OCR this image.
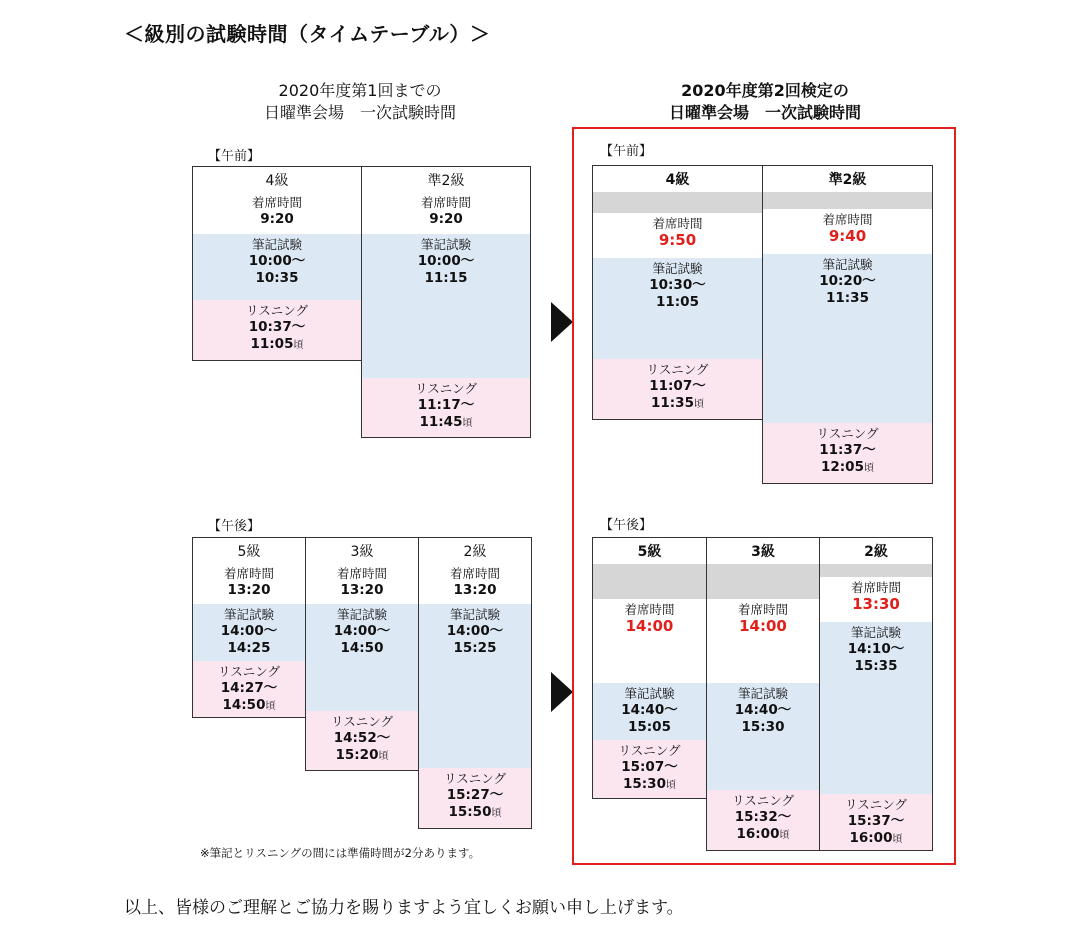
＜級別の試験時間（タイムテーブル）＞
2020年度第1回までの
日曜準会場　一次試験時間
【午前】
4級
着席時間
9:20
筆記試験
10:00〜
10:35
リスニング
10:37〜
11:05頃
準2級
着席時間
9:20
筆記試験
10:00〜
11:15
リスニング
11:17〜
11:45頃
【午後】
5級
着席時間
13:20
筆記試験
14:00〜
14:25
リスニング
14:27〜
14:50頃
3級
着席時間
13:20
筆記試験
14:00〜
14:50
リスニング
14:52〜
15:20頃
2級
着席時間
13:20
筆記試験
14:00〜
15:25
リスニング
15:27〜
15:50頃
※筆記とリスニングの間には準備時間が2分あります。
2020年度第2回検定の
日曜準会場　一次試験時間
【午前】
4級
着席時間
9:50
筆記試験
10:30〜
11:05
リスニング
11:07〜
11:35頃
準2級
着席時間
9:40
筆記試験
10:20〜
11:35
リスニング
11:37〜
12:05頃
【午後】
5級
着席時間
14:00
筆記試験
14:40〜
15:05
リスニング
15:07〜
15:30頃
3級
着席時間
14:00
筆記試験
14:40〜
15:30
リスニング
15:32〜
16:00頃
2級
着席時間
13:30
筆記試験
14:10〜
15:35
リスニング
15:37〜
16:00頃
以上、皆様のご理解とご協力を賜りますよう宜しくお願い申し上げます。
